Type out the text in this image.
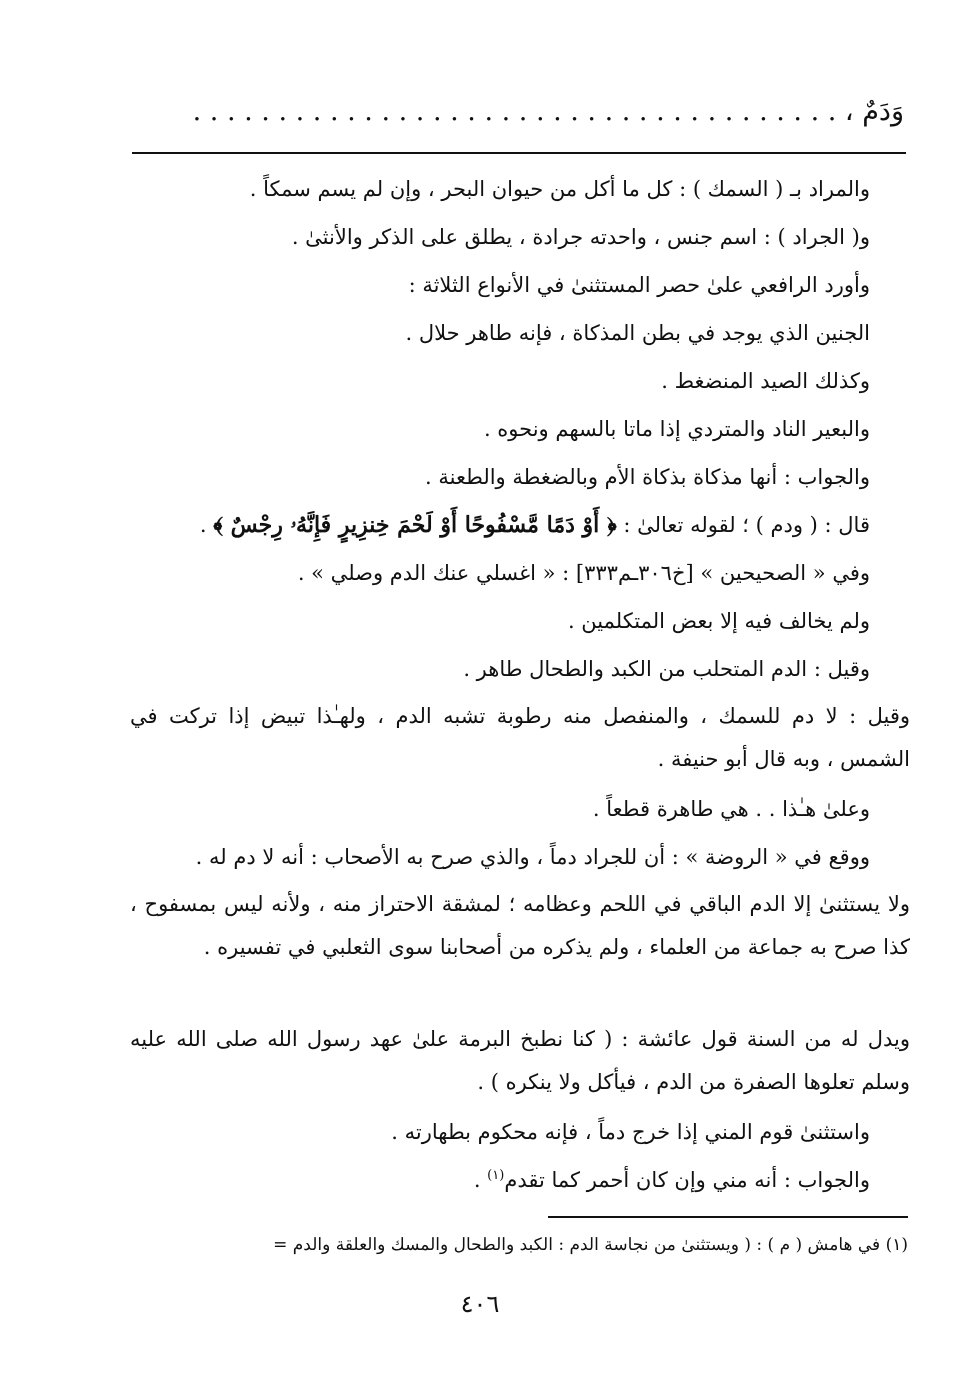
وَدَمٌ ، . . . . . . . . . . . . . . . . . . . . . . . . . . . . . . . . . . . . . .
والمراد بـ ( السمك ) : كل ما أكل من حيوان البحر ، وإن لم يسم سمكاً .
و( الجراد ) : اسم جنس ، واحدته جرادة ، يطلق على الذكر والأنثىٰ .
وأورد الرافعي علىٰ حصر المستثنىٰ في الأنواع الثلاثة :
الجنين الذي يوجد في بطن المذكاة ، فإنه طاهر حلال .
وكذلك الصيد المنضغط .
والبعير الناد والمتردي إذا ماتا بالسهم ونحوه .
والجواب : أنها مذكاة بذكاة الأم وبالضغطة والطعنة .
قال : ( ودم ) ؛ لقوله تعالىٰ : ﴿ أَوْ دَمًا مَّسْفُوحًا أَوْ لَحْمَ خِنزِيرٍ فَإِنَّهُۥ رِجْسٌ ﴾ .
وفي « الصحيحين » [خ٣٠٦ـم٣٣٣] : « اغسلي عنك الدم وصلي » .
ولم يخالف فيه إلا بعض المتكلمين .
وقيل : الدم المتحلب من الكبد والطحال طاهر .
وقيل : لا دم للسمك ، والمنفصل منه رطوبة تشبه الدم ، ولهـٰذا تبيض إذا تركت في الشمس ، وبه قال أبو حنيفة .
وعلىٰ هـٰذا . . هي طاهرة قطعاً .
ووقع في « الروضة » : أن للجراد دماً ، والذي صرح به الأصحاب : أنه لا دم له .
ولا يستثنىٰ إلا الدم الباقي في اللحم وعظامه ؛ لمشقة الاحتراز منه ، ولأنه ليس بمسفوح ، كذا صرح به جماعة من العلماء ، ولم يذكره من أصحابنا سوى الثعلبي في تفسيره .
ويدل له من السنة قول عائشة : ( كنا نطبخ البرمة علىٰ عهد رسول الله صلى الله عليه وسلم تعلوها الصفرة من الدم ، فيأكل ولا ينكره ) .
واستثنىٰ قوم المني إذا خرج دماً ، فإنه محكوم بطهارته .
والجواب : أنه مني وإن كان أحمر كما تقدم$^{(١)}$ .
(١) في هامش ( م ) : ( ويستثنىٰ من نجاسة الدم : الكبد والطحال والمسك والعلقة والدم =
٤٠٦
